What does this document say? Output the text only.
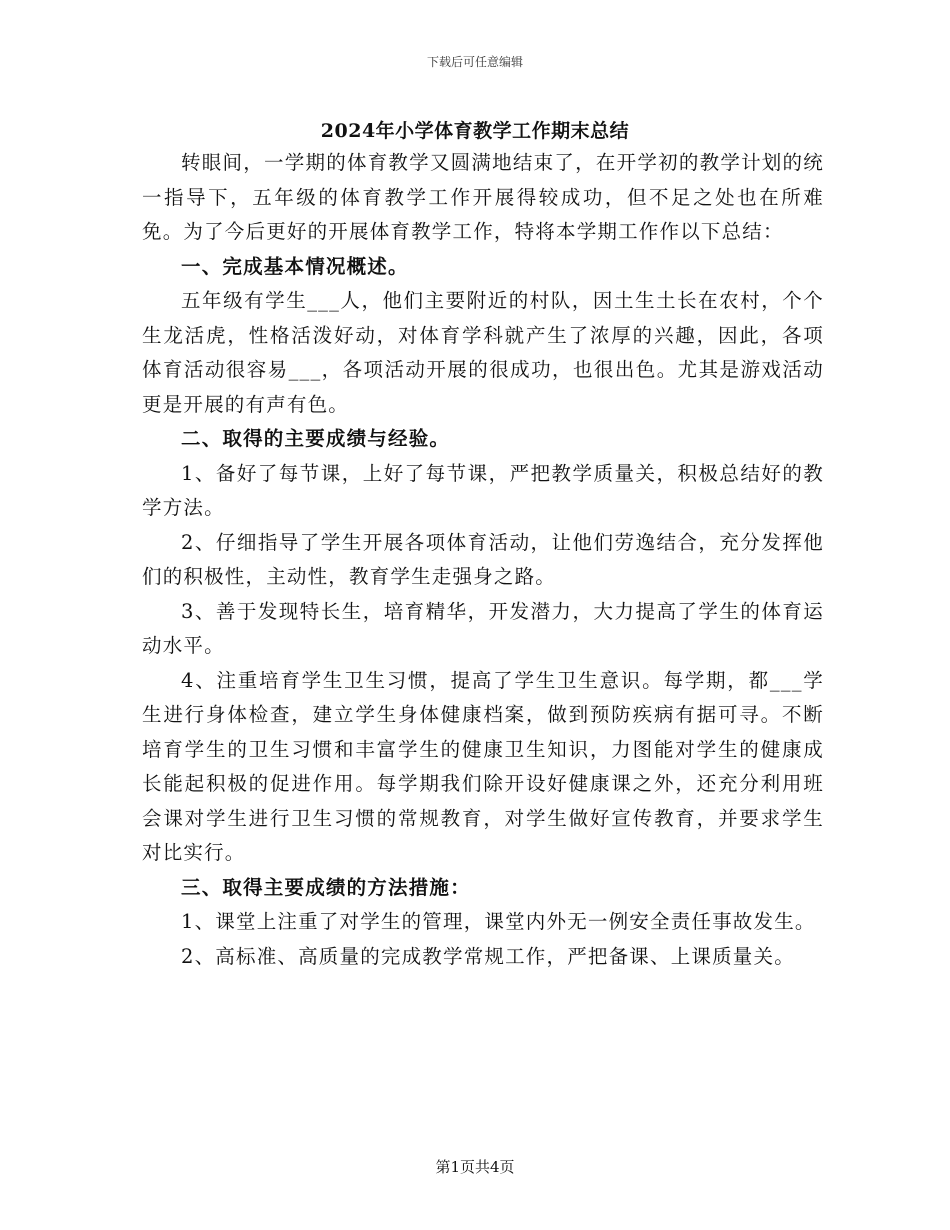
下载后可任意编辑
2024年小学体育教学工作期末总结

转眼间，一学期的体育教学又圆满地结束了，在开学初的教学计划的统一指导下，五年级的体育教学工作开展得较成功，但不足之处也在所难免。为了今后更好的开展体育教学工作，特将本学期工作作以下总结：

一、完成基本情况概述。

五年级有学生___人，他们主要附近的村队，因土生土长在农村，个个生龙活虎，性格活泼好动，对体育学科就产生了浓厚的兴趣，因此，各项体育活动很容易___，各项活动开展的很成功，也很出色。尤其是游戏活动更是开展的有声有色。

二、取得的主要成绩与经验。

1、备好了每节课，上好了每节课，严把教学质量关，积极总结好的教学方法。

2、仔细指导了学生开展各项体育活动，让他们劳逸结合，充分发挥他们的积极性，主动性，教育学生走强身之路。

3、善于发现特长生，培育精华，开发潜力，大力提高了学生的体育运动水平。

4、注重培育学生卫生习惯，提高了学生卫生意识。每学期，都___学生进行身体检查，建立学生身体健康档案，做到预防疾病有据可寻。不断培育学生的卫生习惯和丰富学生的健康卫生知识，力图能对学生的健康成长能起积极的促进作用。每学期我们除开设好健康课之外，还充分利用班会课对学生进行卫生习惯的常规教育，对学生做好宣传教育，并要求学生对比实行。

三、取得主要成绩的方法措施：

1、课堂上注重了对学生的管理，课堂内外无一例安全责任事故发生。

2、高标准、高质量的完成教学常规工作，严把备课、上课质量关。

第1页共4页
